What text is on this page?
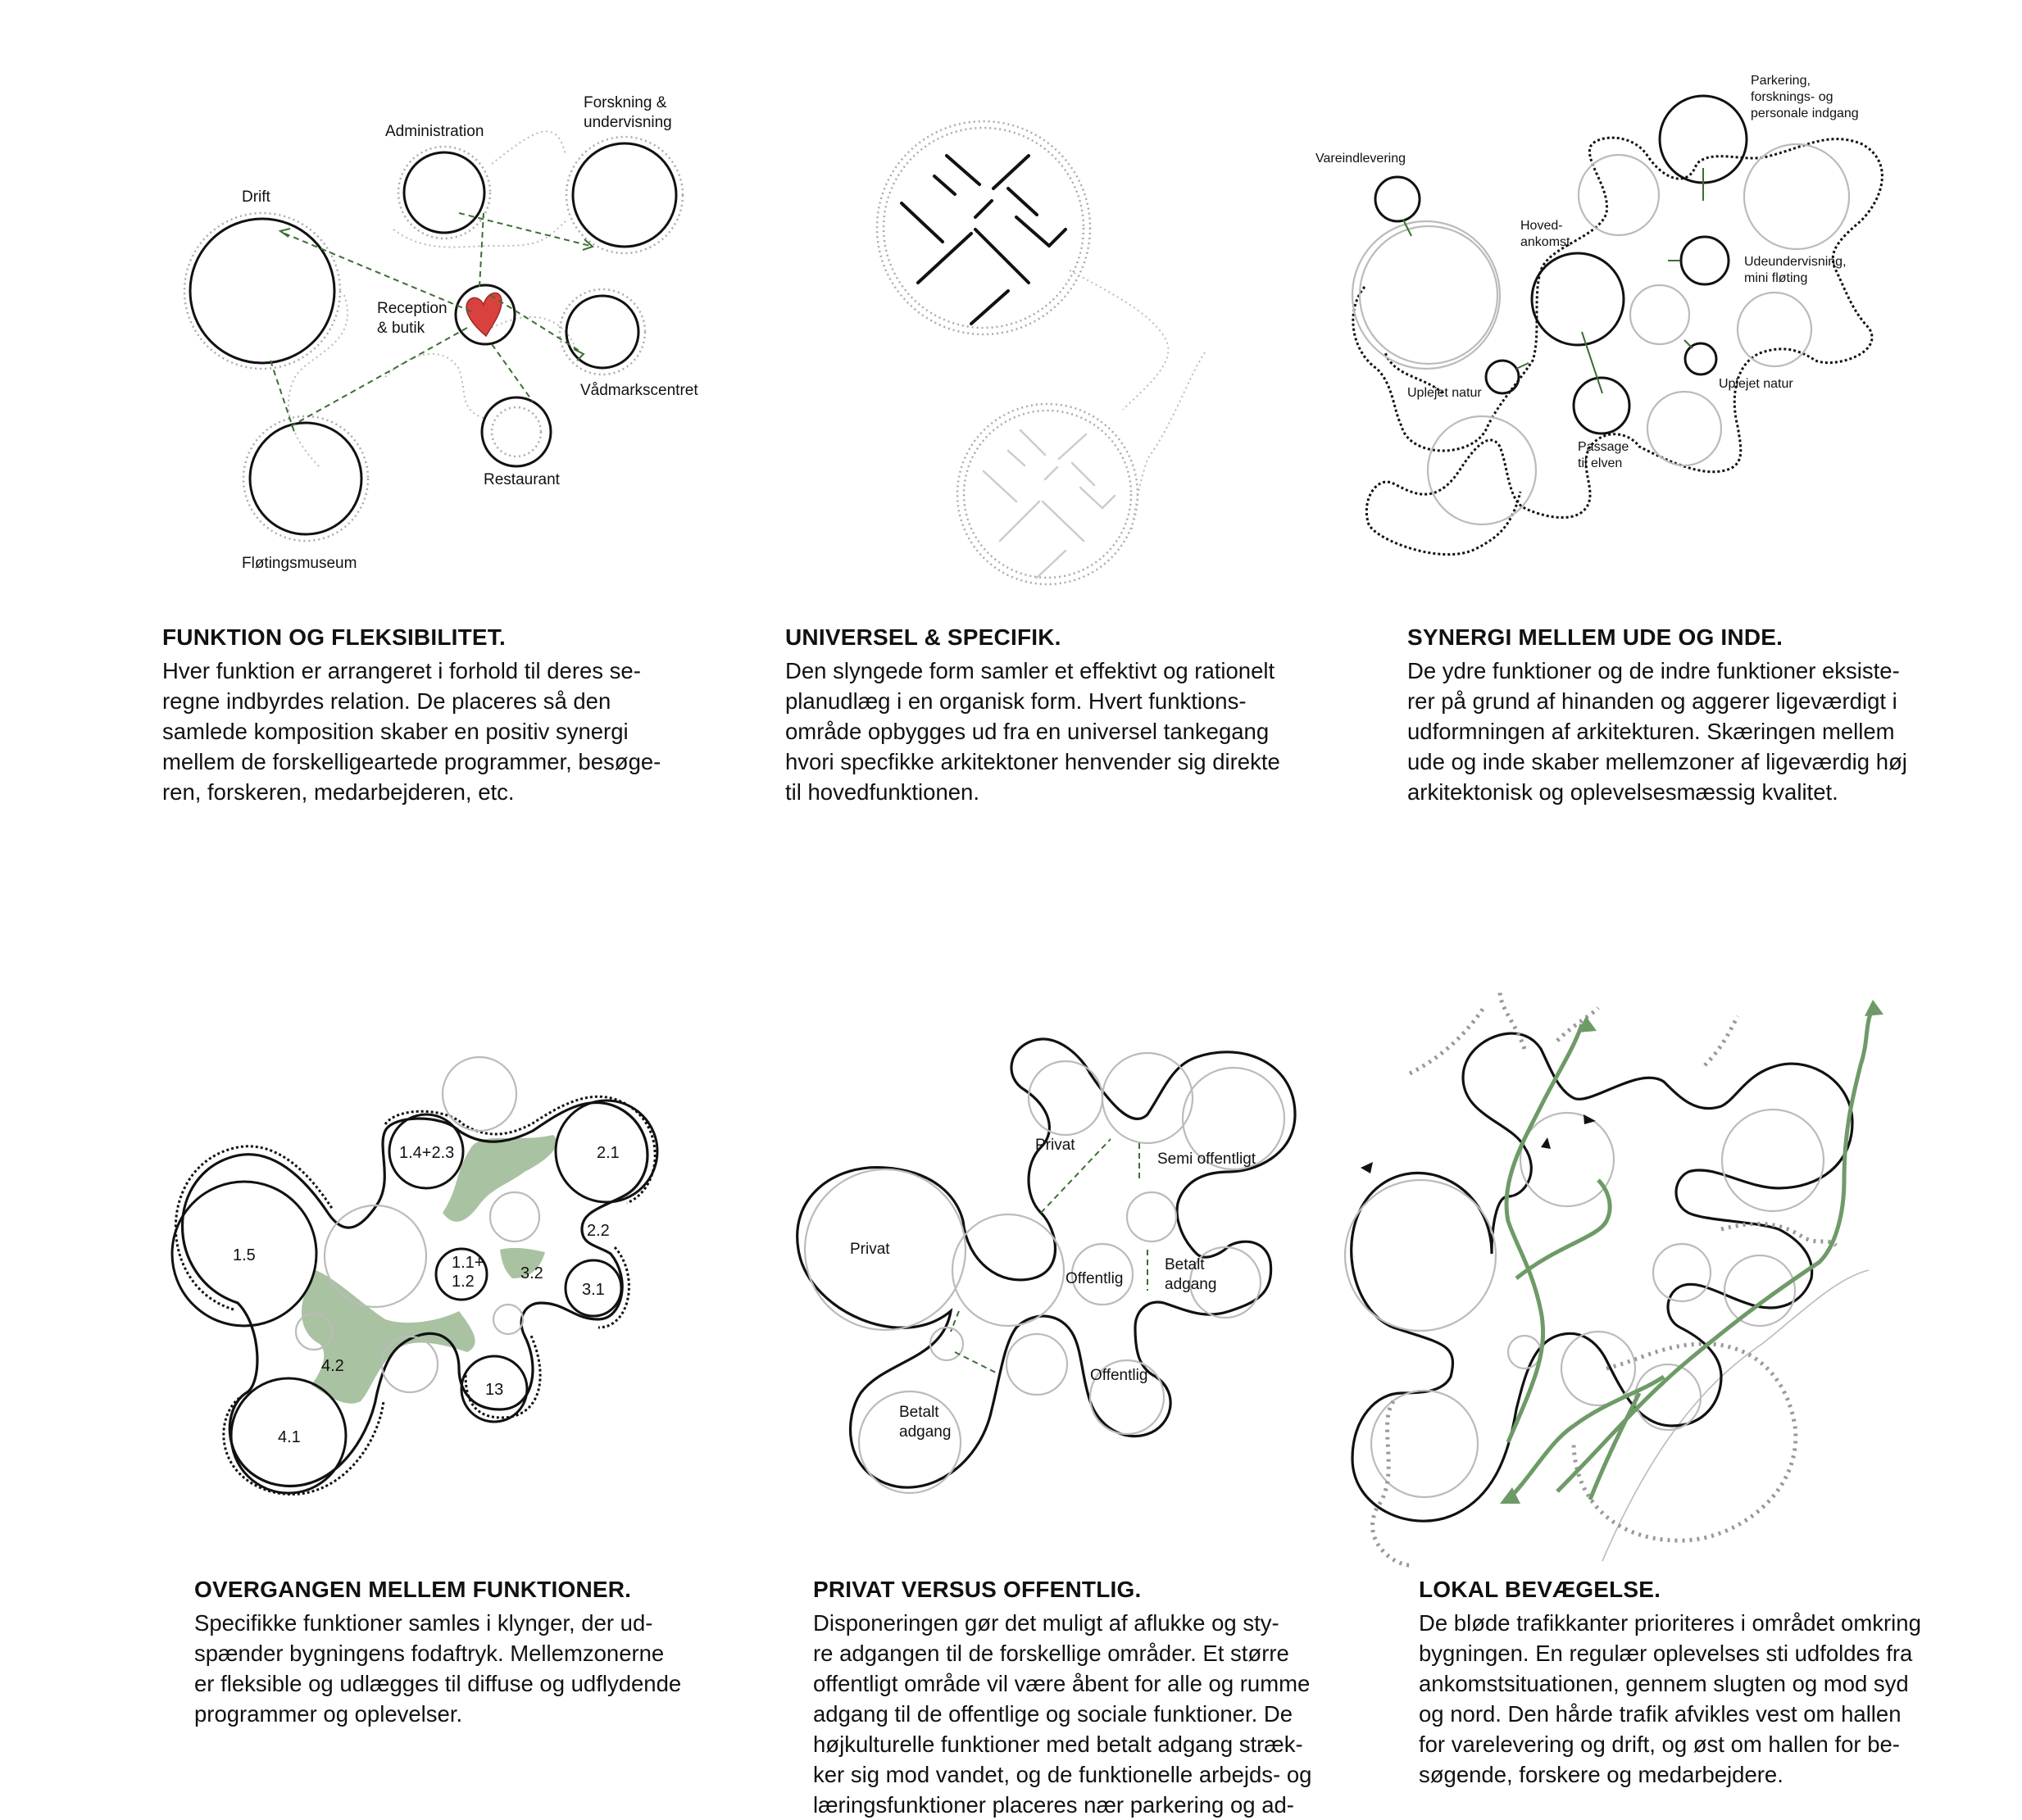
Administration
Forskning &
undervisning
Drift
Reception
& butik
Vådmarkscentret
Restaurant
Fløtingsmuseum
Parkering,
forsknings- og
personale indgang
Vareindlevering
Hoved-
ankomst
Udeundervisning,
mini fløting
Uplejet natur
Uplejet natur
Passage
til elven
1.4+2.3	2.1
2.2
1.5	1.1+
1.2	3.2
3.1
4.2
13
4.1
Privat
Semi offentligt
Privat
Offentlig
Betalt
adgang
Offentlig
Betalt
adgang
FUNKTION OG FLEKSIBILITET.

Hver funktion er arrangeret i forhold til deres se-
regne indbyrdes relation. De placeres så den
samlede komposition skaber en positiv synergi
mellem de forskelligeartede programmer, besøge-
ren, forskeren, medarbejderen, etc.

UNIVERSEL & SPECIFIK.

Den slyngede form samler et effektivt og rationelt
planudlæg i en organisk form. Hvert funktions-
område opbygges ud fra en universel tankegang
hvori specfikke arkitektoner henvender sig direkte
til hovedfunktionen.

SYNERGI MELLEM UDE OG INDE.

De ydre funktioner og de indre funktioner eksiste-
rer på grund af hinanden og aggerer ligeværdigt i
udformningen af arkitekturen. Skæringen mellem
ude og inde skaber mellemzoner af ligeværdig høj
arkitektonisk og oplevelsesmæssig kvalitet.

OVERGANGEN MELLEM FUNKTIONER.

Specifikke funktioner samles i klynger, der ud-
spænder bygningens fodaftryk. Mellemzonerne
er fleksible og udlægges til diffuse og udflydende
programmer og oplevelser.

PRIVAT VERSUS OFFENTLIG.

Disponeringen gør det muligt af aflukke og sty-
re adgangen til de forskellige områder. Et større
offentligt område vil være åbent for alle og rumme
adgang til de offentlige og sociale funktioner. De
højkulturelle funktioner med betalt adgang stræk-
ker sig mod vandet, og de funktionelle arbejds- og
læringsfunktioner placeres nær parkering og ad-

LOKAL BEVÆGELSE.

De bløde trafikkanter prioriteres i området omkring
bygningen. En regulær oplevelses sti udfoldes fra
ankomstsituationen, gennem slugten og mod syd
og nord. Den hårde trafik afvikles vest om hallen
for varelevering og drift, og øst om hallen for be-
søgende, forskere og medarbejdere.
